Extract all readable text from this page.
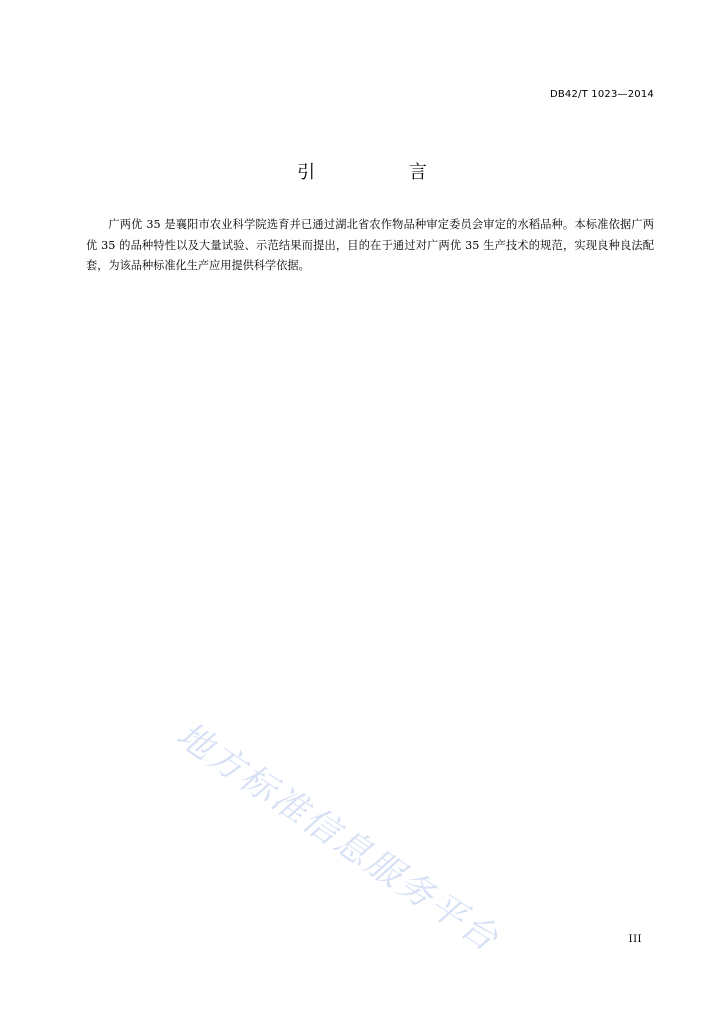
DB42/T 1023—2014
引 言
广两优 35 是襄阳市农业科学院选育并已通过湖北省农作物品种审定委员会审定的水稻品种。本标准依据广两优 35 的品种特性以及大量试验、示范结果而提出，目的在于通过对广两优 35 生产技术的规范，实现良种良法配套，为该品种标准化生产应用提供科学依据。
地方标准信息服务平台	III
